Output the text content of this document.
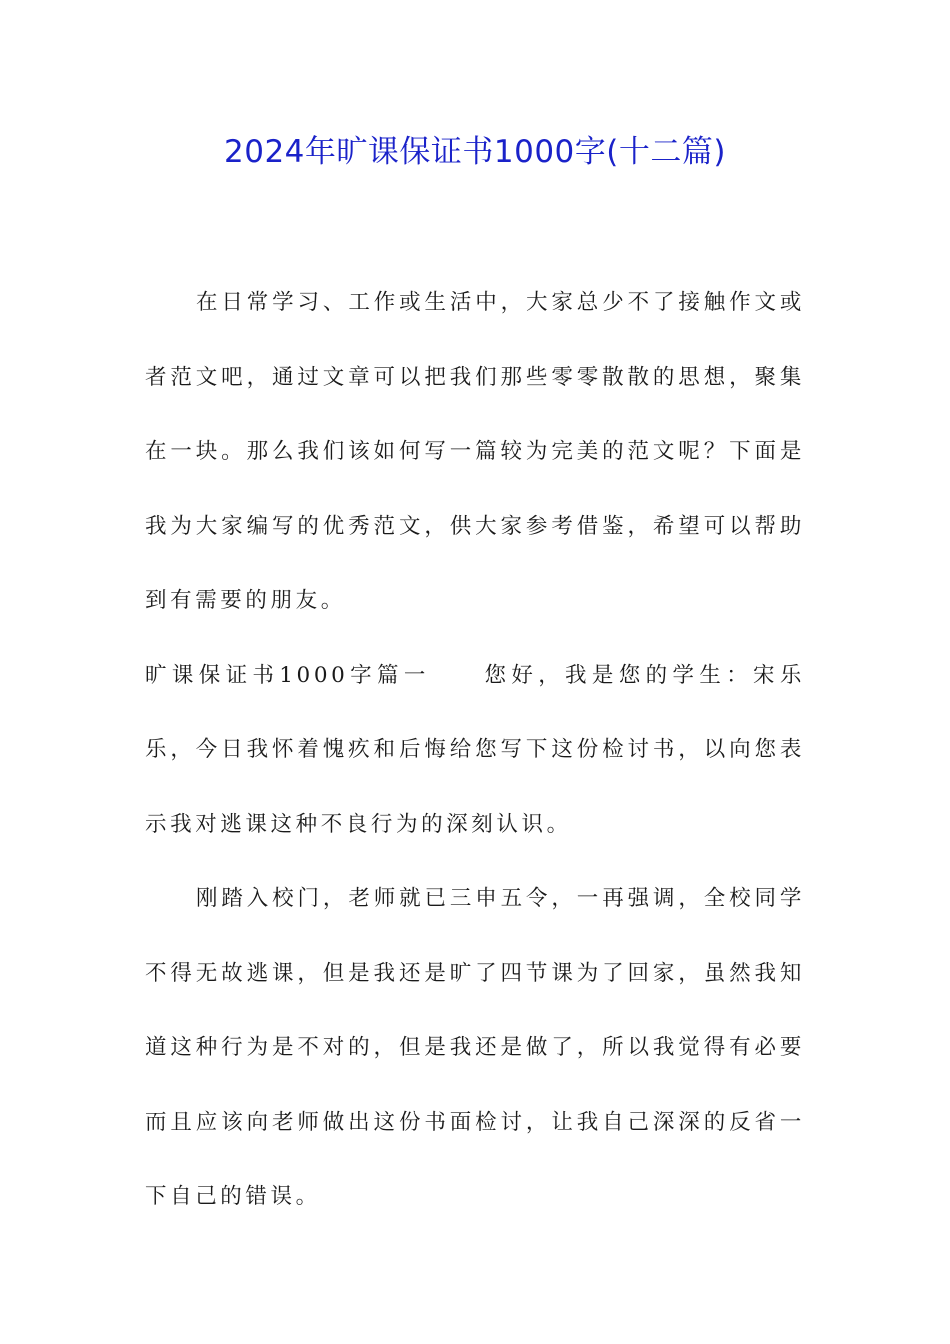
2024年旷课保证书1000字(十二篇)

在日常学习、工作或生活中，大家总少不了接触作文或者范文吧，通过文章可以把我们那些零零散散的思想，聚集在一块。那么我们该如何写一篇较为完美的范文呢？下面是我为大家编写的优秀范文，供大家参考借鉴，希望可以帮助到有需要的朋友。

旷课保证书1000字篇一 您好，我是您的学生：宋乐乐，今日我怀着愧疚和后悔给您写下这份检讨书，以向您表示我对逃课这种不良行为的深刻认识。

刚踏入校门，老师就已三申五令，一再强调，全校同学不得无故逃课，但是我还是旷了四节课为了回家，虽然我知道这种行为是不对的，但是我还是做了，所以我觉得有必要而且应该向老师做出这份书面检讨，让我自己深深的反省一下自己的错误。
